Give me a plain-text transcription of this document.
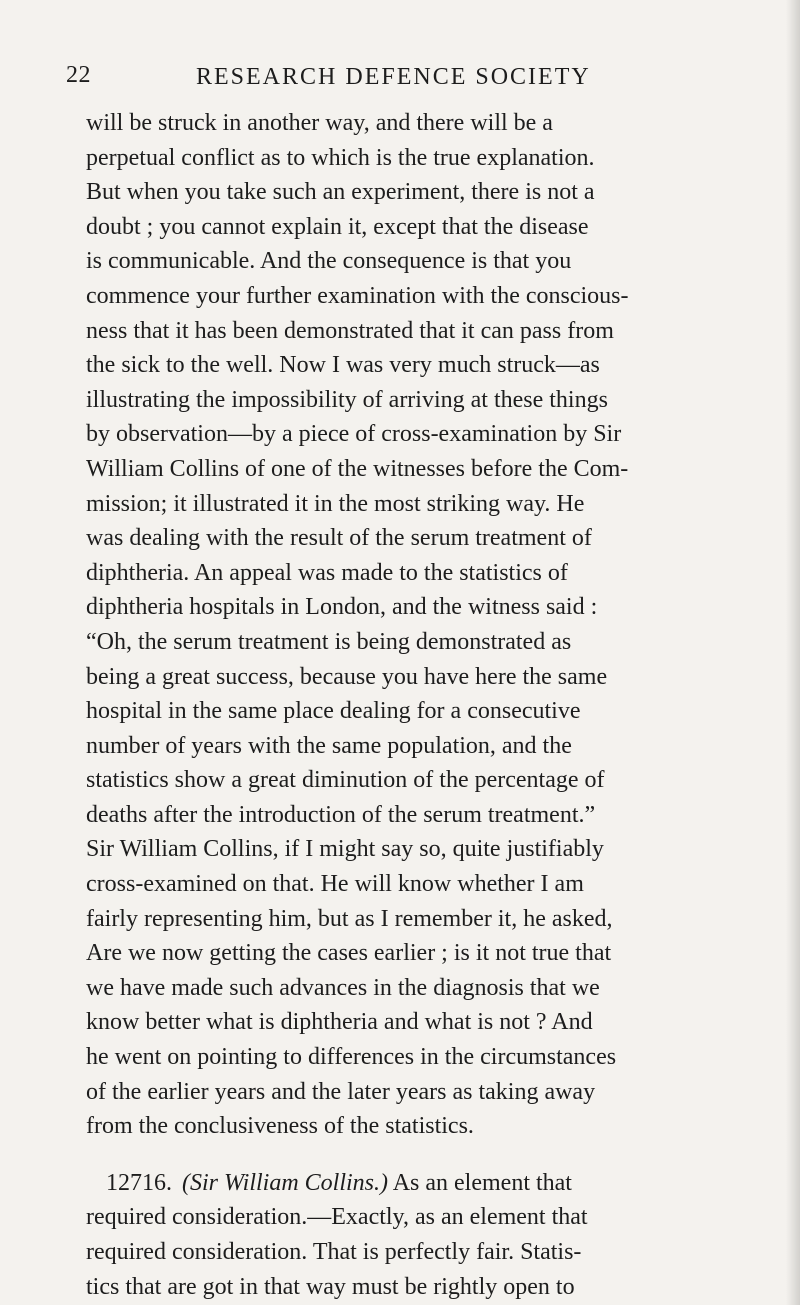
22	RESEARCH DEFENCE SOCIETY
will be struck in another way, and there will be a
perpetual conflict as to which is the true explanation.
But when you take such an experiment, there is not a
doubt ; you cannot explain it, except that the disease
is communicable. And the consequence is that you
commence your further examination with the conscious-
ness that it has been demonstrated that it can pass from
the sick to the well. Now I was very much struck—as
illustrating the impossibility of arriving at these things
by observation—by a piece of cross-examination by Sir
William Collins of one of the witnesses before the Com-
mission; it illustrated it in the most striking way. He
was dealing with the result of the serum treatment of
diphtheria. An appeal was made to the statistics of
diphtheria hospitals in London, and the witness said :
“Oh, the serum treatment is being demonstrated as
being a great success, because you have here the same
hospital in the same place dealing for a consecutive
number of years with the same population, and the
statistics show a great diminution of the percentage of
deaths after the introduction of the serum treatment.”
Sir William Collins, if I might say so, quite justifiably
cross-examined on that. He will know whether I am
fairly representing him, but as I remember it, he asked,
Are we now getting the cases earlier ; is it not true that
we have made such advances in the diagnosis that we
know better what is diphtheria and what is not ? And
he went on pointing to differences in the circumstances
of the earlier years and the later years as taking away
from the conclusiveness of the statistics.
12716. (Sir William Collins.) As an element that
required consideration.—Exactly, as an element that
required consideration. That is perfectly fair. Statis-
tics that are got in that way must be rightly open to
